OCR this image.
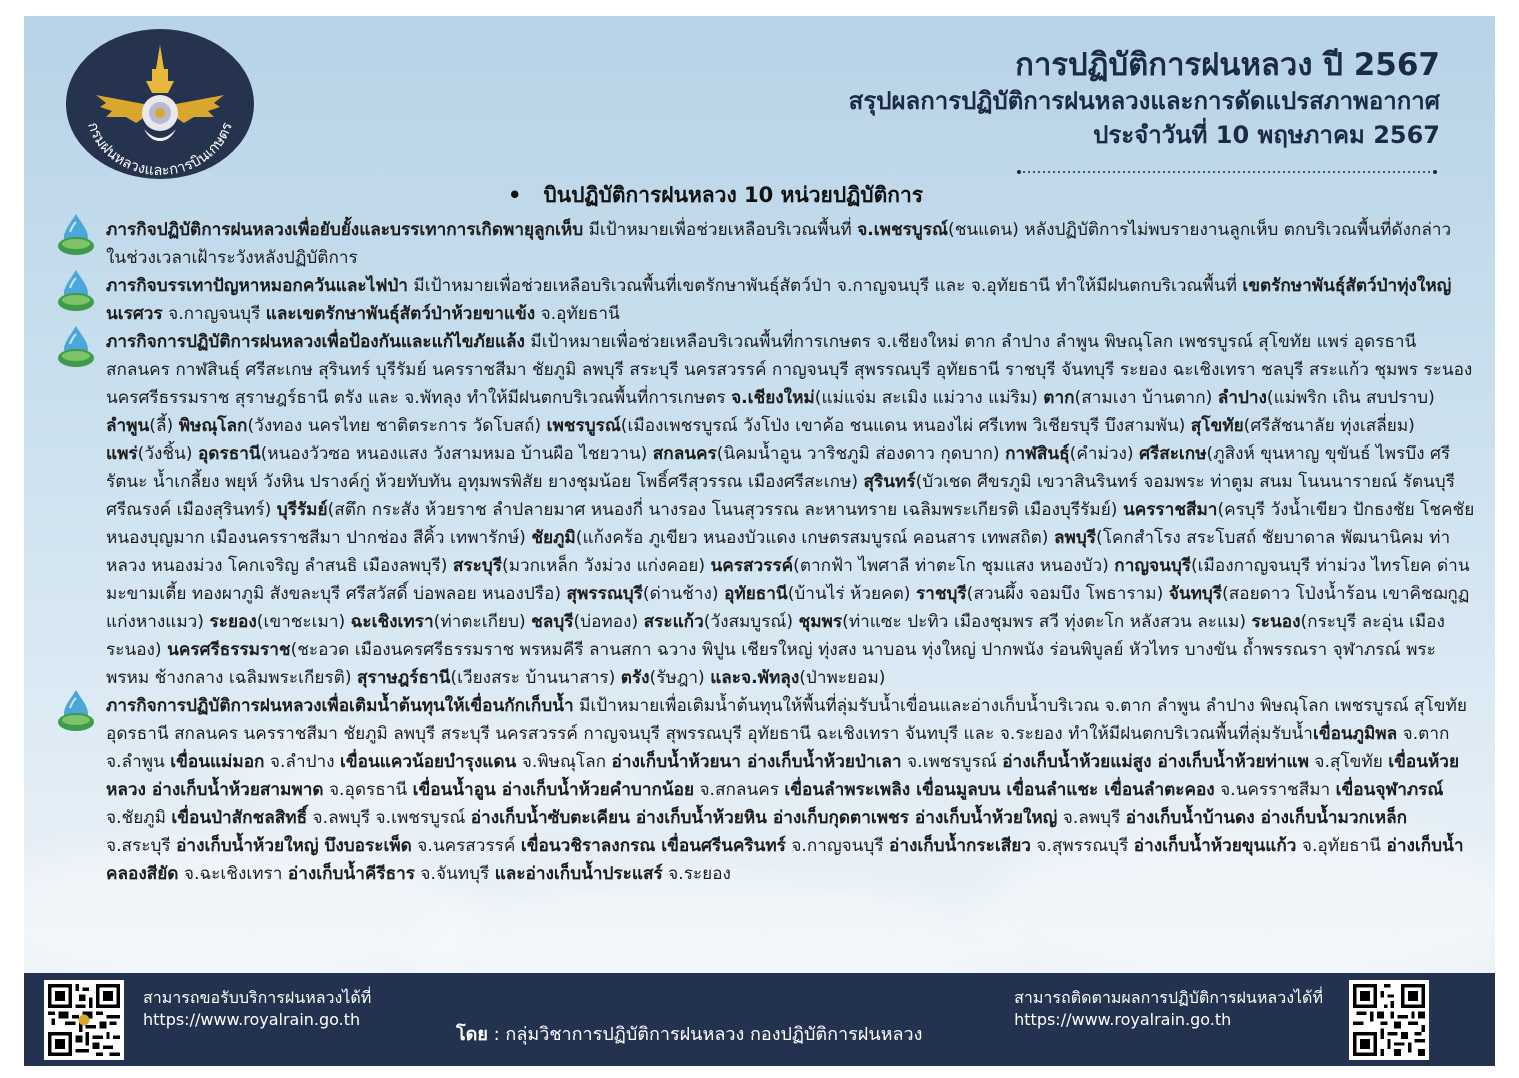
กรมฝนหลวงและการบินเกษตร
การปฏิบัติการฝนหลวง ปี 2567
สรุปผลการปฏิบัติการฝนหลวงและการดัดแปรสภาพอากาศ
ประจำวันที่ 10 พฤษภาคม 2567
• บินปฏิบัติการฝนหลวง 10 หน่วยปฏิบัติการ
ภารกิจปฏิบัติการฝนหลวงเพื่อยับยั้งและบรรเทาการเกิดพายุลูกเห็บ มีเป้าหมายเพื่อช่วยเหลือบริเวณพื้นที่ จ.เพชรบูรณ์(ชนแดน) หลังปฏิบัติการไม่พบรายงานลูกเห็บ ตกบริเวณพื้นที่ดังกล่าว ในช่วงเวลาเฝ้าระวังหลังปฏิบัติการ
ภารกิจบรรเทาปัญหาหมอกควันและไฟป่า มีเป้าหมายเพื่อช่วยเหลือบริเวณพื้นที่เขตรักษาพันธุ์สัตว์ป่า จ.กาญจนบุรี และ จ.อุทัยธานี ทำให้มีฝนตกบริเวณพื้นที่ เขตรักษาพันธุ์สัตว์ป่าทุ่งใหญ่นเรศวร จ.กาญจนบุรี และเขตรักษาพันธุ์สัตว์ป่าห้วยขาแข้ง จ.อุทัยธานี
ภารกิจการปฏิบัติการฝนหลวงเพื่อป้องกันและแก้ไขภัยแล้ง มีเป้าหมายเพื่อช่วยเหลือบริเวณพื้นที่การเกษตร จ.เชียงใหม่ ตาก ลำปาง ลำพูน พิษณุโลก เพชรบูรณ์ สุโขทัย แพร่ อุดรธานี สกลนคร กาฬสินธุ์ ศรีสะเกษ สุรินทร์ บุรีรัมย์ นครราชสีมา ชัยภูมิ ลพบุรี สระบุรี นครสวรรค์ กาญจนบุรี สุพรรณบุรี อุทัยธานี ราชบุรี จันทบุรี ระยอง ฉะเชิงเทรา ชลบุรี สระแก้ว ชุมพร ระนอง นครศรีธรรมราช สุราษฎร์ธานี ตรัง และ จ.พัทลุง ทำให้มีฝนตกบริเวณพื้นที่การเกษตร จ.เชียงใหม่(แม่แจ่ม สะเมิง แม่วาง แม่ริม) ตาก(สามเงา บ้านตาก) ลำปาง(แม่พริก เถิน สบปราบ) ลำพูน(ลี้) พิษณุโลก(วังทอง นครไทย ชาติตระการ วัดโบสถ์) เพชรบูรณ์(เมืองเพชรบูรณ์ วังโป่ง เขาค้อ ชนแดน หนองไผ่ ศรีเทพ วิเชียรบุรี บึงสามพัน) สุโขทัย(ศรีสัชนาลัย ทุ่งเสลี่ยม) แพร่(วังชิ้น) อุดรธานี(หนองวัวซอ หนองแสง วังสามหมอ บ้านผือ ไชยวาน) สกลนคร(นิคมน้ำอูน วาริชภูมิ ส่องดาว กุดบาก) กาฬสินธุ์(คำม่วง) ศรีสะเกษ(ภูสิงห์ ขุนหาญ ขุขันธ์ ไพรบึง ศรีรัตนะ น้ำเกลี้ยง พยุห์ วังหิน ปรางค์กู่ ห้วยทับทัน อุทุมพรพิสัย ยางชุมน้อย โพธิ์ศรีสุวรรณ เมืองศรีสะเกษ) สุรินทร์(บัวเชด ศีขรภูมิ เขวาสินรินทร์ จอมพระ ท่าตูม สนม โนนนารายณ์ รัตนบุรี ศรีณรงค์ เมืองสุรินทร์) บุรีรัมย์(สตึก กระสัง ห้วยราช ลำปลายมาศ หนองกี่ นางรอง โนนสุวรรณ ละหานทราย เฉลิมพระเกียรติ เมืองบุรีรัมย์) นครราชสีมา(ครบุรี วังน้ำเขียว ปักธงชัย โชคชัย หนองบุญมาก เมืองนครราชสีมา ปากช่อง สีคิ้ว เทพารักษ์) ชัยภูมิ(แก้งคร้อ ภูเขียว หนองบัวแดง เกษตรสมบูรณ์ คอนสาร เทพสถิต) ลพบุรี(โคกสำโรง สระโบสถ์ ชัยบาดาล พัฒนานิคม ท่าหลวง หนองม่วง โคกเจริญ ลำสนธิ เมืองลพบุรี) สระบุรี(มวกเหล็ก วังม่วง แก่งคอย) นครสวรรค์(ตากฟ้า ไพศาลี ท่าตะโก ชุมแสง หนองบัว) กาญจนบุรี(เมืองกาญจนบุรี ท่าม่วง ไทรโยค ด่านมะขามเตี้ย ทองผาภูมิ สังขละบุรี ศรีสวัสดิ์ บ่อพลอย หนองปรือ) สุพรรณบุรี(ด่านช้าง) อุทัยธานี(บ้านไร่ ห้วยคต) ราชบุรี(สวนผึ้ง จอมบึง โพธาราม) จันทบุรี(สอยดาว โป่งน้ำร้อน เขาคิชฌกูฏ แก่งหางแมว) ระยอง(เขาชะเมา) ฉะเชิงเทรา(ท่าตะเกียบ) ชลบุรี(บ่อทอง) สระแก้ว(วังสมบูรณ์) ชุมพร(ท่าแซะ ปะทิว เมืองชุมพร สวี ทุ่งตะโก หลังสวน ละแม) ระนอง(กระบุรี ละอุ่น เมืองระนอง) นครศรีธรรมราช(ชะอวด เมืองนครศรีธรรมราช พรหมคีรี ลานสกา ฉวาง พิปูน เชียรใหญ่ ทุ่งสง นาบอน ทุ่งใหญ่ ปากพนัง ร่อนพิบูลย์ หัวไทร บางขัน ถ้ำพรรณรา จุฬาภรณ์ พระพรหม ช้างกลาง เฉลิมพระเกียรติ) สุราษฎร์ธานี(เวียงสระ บ้านนาสาร) ตรัง(รัษฎา) และจ.พัทลุง(ป่าพะยอม)
ภารกิจการปฏิบัติการฝนหลวงเพื่อเติมน้ำต้นทุนให้เขื่อนกักเก็บน้ำ มีเป้าหมายเพื่อเติมน้ำต้นทุนให้พื้นที่ลุ่มรับน้ำเขื่อนและอ่างเก็บน้ำบริเวณ จ.ตาก ลำพูน ลำปาง พิษณุโลก เพชรบูรณ์ สุโขทัย อุดรธานี สกลนคร นครราชสีมา ชัยภูมิ ลพบุรี สระบุรี นครสวรรค์ กาญจนบุรี สุพรรณบุรี อุทัยธานี ฉะเชิงเทรา จันทบุรี และ จ.ระยอง ทำให้มีฝนตกบริเวณพื้นที่ลุ่มรับน้ำเขื่อนภูมิพล จ.ตาก จ.ลำพูน เขื่อนแม่มอก จ.ลำปาง เขื่อนแควน้อยบำรุงแดน จ.พิษณุโลก อ่างเก็บน้ำห้วยนา อ่างเก็บน้ำห้วยป่าเลา จ.เพชรบูรณ์ อ่างเก็บน้ำห้วยแม่สูง อ่างเก็บน้ำห้วยท่าแพ จ.สุโขทัย เขื่อนห้วยหลวง อ่างเก็บน้ำห้วยสามพาด จ.อุดรธานี เขื่อนน้ำอูน อ่างเก็บน้ำห้วยคำบากน้อย จ.สกลนคร เขื่อนลำพระเพลิง เขื่อนมูลบน เขื่อนลำแชะ เขื่อนลำตะคอง จ.นครราชสีมา เขื่อนจุฬาภรณ์ จ.ชัยภูมิ เขื่อนป่าสักชลสิทธิ์ จ.ลพบุรี จ.เพชรบูรณ์ อ่างเก็บน้ำซับตะเคียน อ่างเก็บน้ำห้วยหิน อ่างเก็บกุดตาเพชร อ่างเก็บน้ำห้วยใหญ่ จ.ลพบุรี อ่างเก็บน้ำบ้านดง อ่างเก็บน้ำมวกเหล็ก จ.สระบุรี อ่างเก็บน้ำห้วยใหญ่ บึงบอระเพ็ด จ.นครสวรรค์ เขื่อนวชิราลงกรณ เขื่อนศรีนครินทร์ จ.กาญจนบุรี อ่างเก็บน้ำกระเสียว จ.สุพรรณบุรี อ่างเก็บน้ำห้วยขุนแก้ว จ.อุทัยธานี อ่างเก็บน้ำคลองสียัด จ.ฉะเชิงเทรา อ่างเก็บน้ำคีรีธาร จ.จันทบุรี และอ่างเก็บน้ำประแสร์ จ.ระยอง
สามารถขอรับบริการฝนหลวงได้ที่
https://www.royalrain.go.th
โดย : กลุ่มวิชาการปฏิบัติการฝนหลวง กองปฏิบัติการฝนหลวง
สามารถติดตามผลการปฏิบัติการฝนหลวงได้ที่
https://www.royalrain.go.th
